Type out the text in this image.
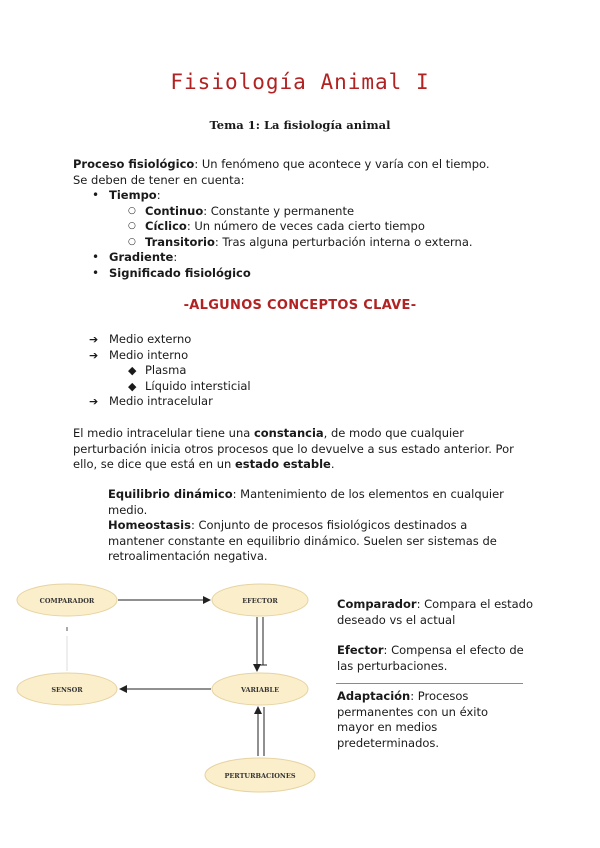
Fisiología Animal I
Tema 1: La fisiología animal
Proceso fisiológico: Un fenómeno que acontece y varía con el tiempo.
Se deben de tener en cuenta:
• Tiempo:
○ Continuo: Constante y permanente
○ Cíclico: Un número de veces cada cierto tiempo
○ Transitorio: Tras alguna perturbación interna o externa.
• Gradiente:
• Significado fisiológico
-ALGUNOS CONCEPTOS CLAVE-
➔ Medio externo
➔ Medio interno
◆ Plasma
◆ Líquido intersticial
➔ Medio intracelular
El medio intracelular tiene una constancia, de modo que cualquier perturbación inicia otros procesos que lo devuelve a sus estado anterior. Por ello, se dice que está en un estado estable.
Equilibrio dinámico: Mantenimiento de los elementos en cualquier medio.
Homeostasis: Conjunto de procesos fisiológicos destinados a mantener constante en equilibrio dinámico. Suelen ser sistemas de retroalimentación negativa.
COMPARADOR	EFECTOR
SENSOR	VARIABLE
PERTURBACIONES
Comparador: Compara el estado deseado vs el actual
Efector: Compensa el efecto de las perturbaciones.
Adaptación: Procesos permanentes con un éxito mayor en medios predeterminados.
